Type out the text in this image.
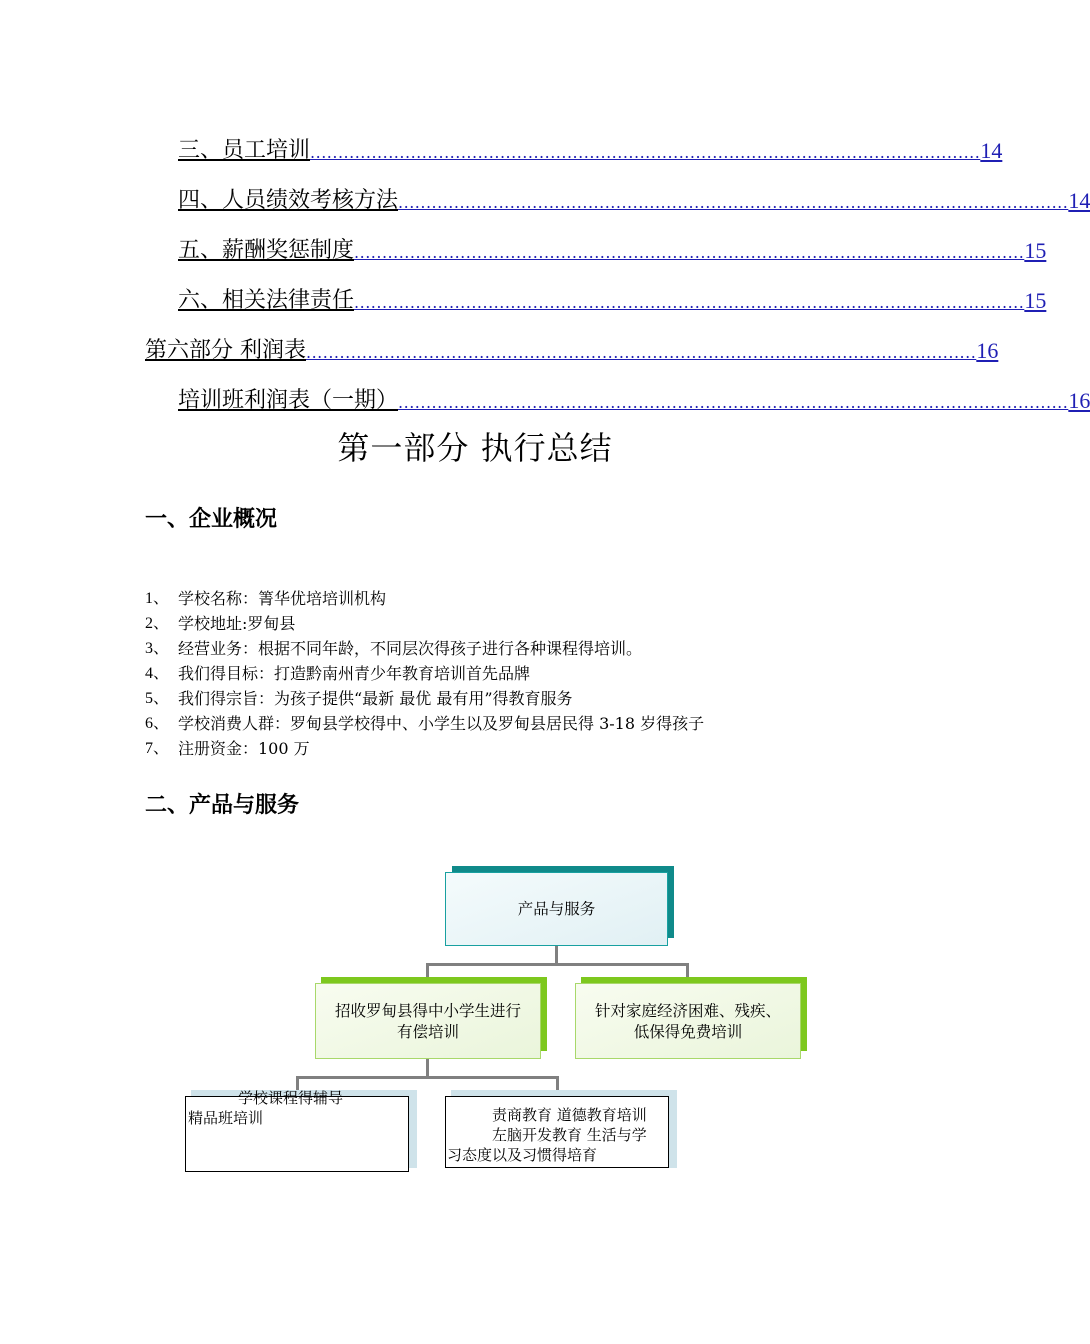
三、员工培训 ........................................................................................................................ 14
四、人员绩效考核方法 ........................................................................................................................ 14
五、薪酬奖惩制度 ........................................................................................................................ 15
六、相关法律责任 ........................................................................................................................ 15
第六部分 利润表 ........................................................................................................................ 16
培训班利润表（一期） ........................................................................................................................ 16
第一部分 执行总结
一、企业概况
1、 学校名称：箐华优培培训机构
2、 学校地址:罗甸县
3、 经营业务：根据不同年龄，不同层次得孩子进行各种课程得培训。
4、 我们得目标：打造黔南州青少年教育培训首先品牌
5、 我们得宗旨：为孩子提供“最新 最优 最有用”得教育服务
6、 学校消费人群：罗甸县学校得中、小学生以及罗甸县居民得 3-18 岁得孩子
7、 注册资金：100 万
二、产品与服务
产品与服务
招收罗甸县得中小学生进行
有偿培训
针对家庭经济困难、残疾、
低保得免费培训
学校课程得辅导
精品班培训	责商教育 道德教育培训
左脑开发教育 生活与学
习态度以及习惯得培育
